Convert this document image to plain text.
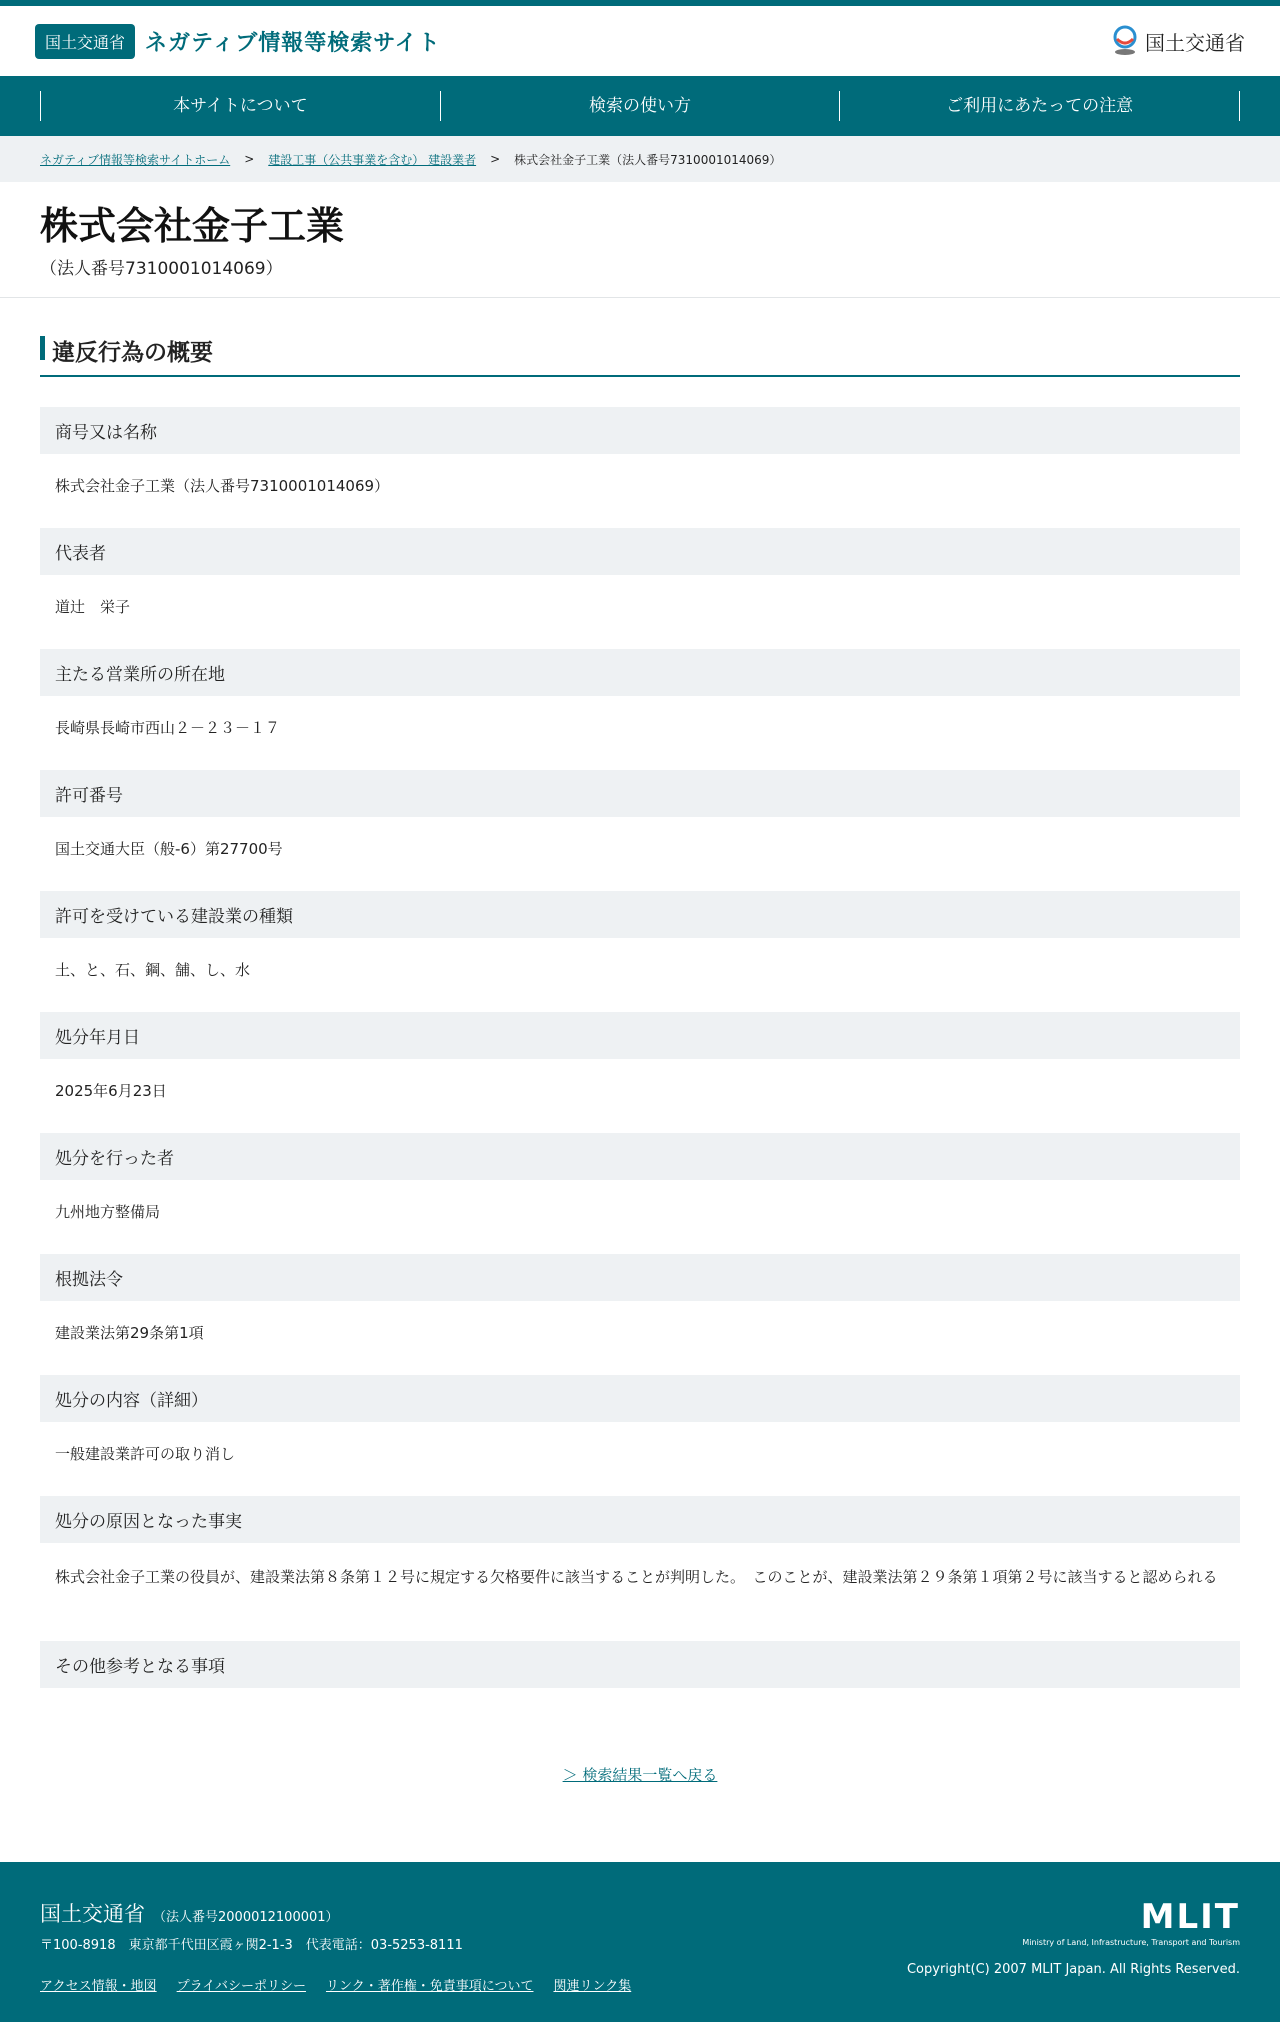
国土交通省 ネガティブ情報等検索サイト	国土交通省
本サイトについて	検索の使い方	ご利用にあたっての注意
ネガティブ情報等検索サイトホーム > 建設工事（公共事業を含む） 建設業者 > 株式会社金子工業（法人番号7310001014069）
株式会社金子工業
（法人番号7310001014069）
違反行為の概要
商号又は名称
株式会社金子工業（法人番号7310001014069）
代表者
道辻　栄子
主たる営業所の所在地
長崎県長崎市西山２－２３－１７
許可番号
国土交通大臣（般-6）第27700号
許可を受けている建設業の種類
土、と、石、鋼、舗、し、水
処分年月日
2025年6月23日
処分を行った者
九州地方整備局
根拠法令
建設業法第29条第1項
処分の内容（詳細）
一般建設業許可の取り消し
処分の原因となった事実
株式会社金子工業の役員が、建設業法第８条第１２号に規定する欠格要件に該当することが判明した。　このことが、建設業法第２９条第１項第２号に該当すると認められる
その他参考となる事項
＞ 検索結果一覧へ戻る
国土交通省 （法人番号2000012100001）
〒100-8918　東京都千代田区霞ヶ関2-1-3　代表電話：03-5253-8111
アクセス情報・地図 プライバシーポリシー リンク・著作権・免責事項について 関連リンク集
MLIT
Ministry of Land, Infrastructure, Transport and Tourism
Copyright(C) 2007 MLIT Japan. All Rights Reserved.
